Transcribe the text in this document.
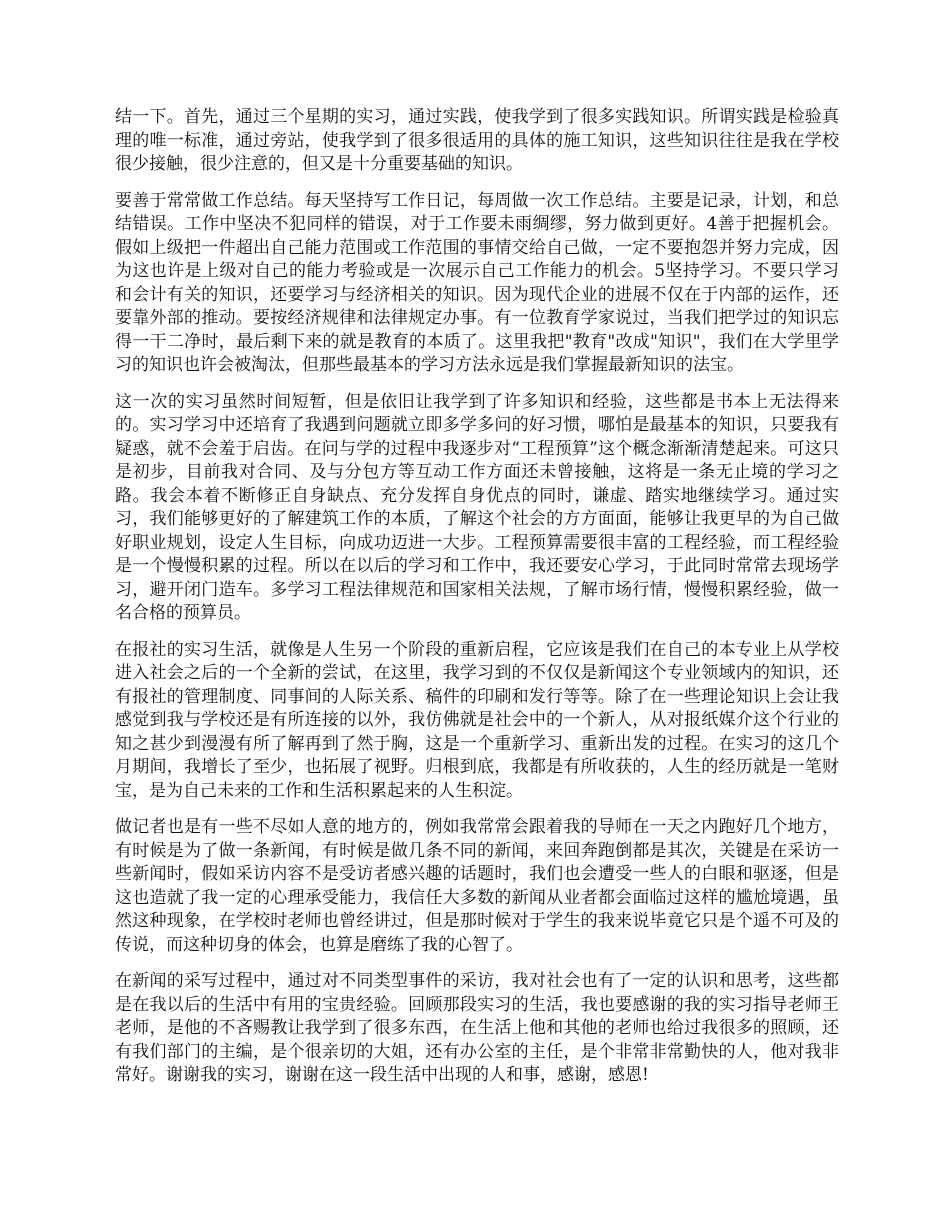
结一下。首先，通过三个星期的实习，通过实践，使我学到了很多实践知识。所谓实践是检验真理的唯一标准，通过旁站，使我学到了很多很适用的具体的施工知识，这些知识往往是我在学校很少接触，很少注意的，但又是十分重要基础的知识。

要善于常常做工作总结。每天坚持写工作日记，每周做一次工作总结。主要是记录，计划，和总结错误。工作中坚决不犯同样的错误，对于工作要未雨绸缪，努力做到更好。4善于把握机会。假如上级把一件超出自己能力范围或工作范围的事情交给自己做，一定不要抱怨并努力完成，因为这也许是上级对自己的能力考验或是一次展示自己工作能力的机会。5坚持学习。不要只学习和会计有关的知识，还要学习与经济相关的知识。因为现代企业的进展不仅在于内部的运作，还要靠外部的推动。要按经济规律和法律规定办事。有一位教育学家说过，当我们把学过的知识忘得一干二净时，最后剩下来的就是教育的本质了。这里我把"教育"改成"知识"，我们在大学里学习的知识也许会被淘汰，但那些最基本的学习方法永远是我们掌握最新知识的法宝。

这一次的实习虽然时间短暂，但是依旧让我学到了许多知识和经验，这些都是书本上无法得来的。实习学习中还培育了我遇到问题就立即多学多问的好习惯，哪怕是最基本的知识，只要我有疑惑，就不会羞于启齿。在问与学的过程中我逐步对“工程预算”这个概念渐渐清楚起来。可这只是初步，目前我对合同、及与分包方等互动工作方面还未曾接触，这将是一条无止境的学习之路。我会本着不断修正自身缺点、充分发挥自身优点的同时，谦虚、踏实地继续学习。通过实习，我们能够更好的了解建筑工作的本质，了解这个社会的方方面面，能够让我更早的为自己做好职业规划，设定人生目标，向成功迈进一大步。工程预算需要很丰富的工程经验，而工程经验是一个慢慢积累的过程。所以在以后的学习和工作中，我还要安心学习，于此同时常常去现场学习，避开闭门造车。多学习工程法律规范和国家相关法规，了解市场行情，慢慢积累经验，做一名合格的预算员。

在报社的实习生活，就像是人生另一个阶段的重新启程，它应该是我们在自己的本专业上从学校进入社会之后的一个全新的尝试，在这里，我学习到的不仅仅是新闻这个专业领域内的知识，还有报社的管理制度、同事间的人际关系、稿件的印刷和发行等等。除了在一些理论知识上会让我感觉到我与学校还是有所连接的以外，我仿佛就是社会中的一个新人，从对报纸媒介这个行业的知之甚少到漫漫有所了解再到了然于胸，这是一个重新学习、重新出发的过程。在实习的这几个月期间，我增长了至少，也拓展了视野。归根到底，我都是有所收获的，人生的经历就是一笔财宝，是为自己未来的工作和生活积累起来的人生积淀。

做记者也是有一些不尽如人意的地方的，例如我常常会跟着我的导师在一天之内跑好几个地方，有时候是为了做一条新闻，有时候是做几条不同的新闻，来回奔跑倒都是其次，关键是在采访一些新闻时，假如采访内容不是受访者感兴趣的话题时，我们也会遭受一些人的白眼和驱逐，但是这也造就了我一定的心理承受能力，我信任大多数的新闻从业者都会面临过这样的尴尬境遇，虽然这种现象，在学校时老师也曾经讲过，但是那时候对于学生的我来说毕竟它只是个遥不可及的传说，而这种切身的体会，也算是磨练了我的心智了。

在新闻的采写过程中，通过对不同类型事件的采访，我对社会也有了一定的认识和思考，这些都是在我以后的生活中有用的宝贵经验。回顾那段实习的生活，我也要感谢的我的实习指导老师王老师，是他的不吝赐教让我学到了很多东西，在生活上他和其他的老师也给过我很多的照顾，还有我们部门的主编，是个很亲切的大姐，还有办公室的主任，是个非常非常勤快的人，他对我非常好。谢谢我的实习，谢谢在这一段生活中出现的人和事，感谢，感恩!
